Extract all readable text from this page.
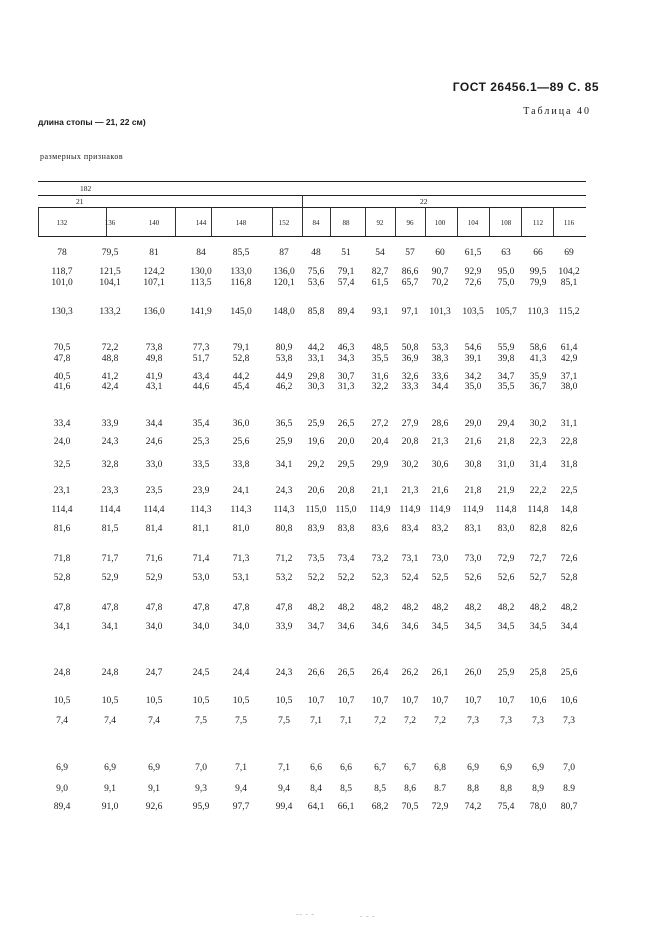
ГОСТ 26456.1—89 С. 85
Таблица 40
длина стопы — 21, 22 см)
размерных признаков
182
21	22
132	136	140	144	148	152	84	88	92	96	100	104	108	112	116
78	79,5	81	84	85,5	87 48 51	54 57 60 61,5 63 66 69
118,7	121,5 124,2	130,0 133,0 136,0 75,6 79,1 82,7 86,6 90,7 92,9 95,0 99,5 104,2
101,0	104,1 107,1	113,5 116,8 120,1 53,6 57,4 61,5 65,7 70,2 72,6 75,0 79,9 85,1
130,3	133,2 136,0	141,9 145,0 148,0 85,8 89,4 93,1 97,1 101,3 103,5 105,7 110,3 115,2
70,5	72,2	73,8	77,3 79,1	80,9 44,2 46,3 48,5 50,8 53,3 54,6 55,9 58,6 61,4
47,8	48,8	49,8	51,7 52,8	53,8 33,1 34,3 35,5 36,9 38,3 39,1 39,8 41,3 42,9
40,5	41,2	41,9	43,4 44,2	44,9 29,8 30,7 31,6 32,6 33,6 34,2 34,7 35,9 37,1
41,6	42,4	43,1	44,6 45,4	46,2 30,3 31,3 32,2 33,3 34,4 35,0 35,5 36,7 38,0
33,4	33,9	34,4	35,4 36,0	36,5 25,9 26,5 27,2 27,9 28,6 29,0 29,4 30,2 31,1
24,0	24,3	24,6	25,3 25,6	25,9 19,6 20,0 20,4 20,8 21,3 21,6 21,8 22,3 22,8
32,5	32,8	33,0	33,5 33,8	34,1 29,2 29,5 29,9 30,2 30,6 30,8 31,0 31,4 31,8
23,1	23,3	23,5	23,9 24,1	24,3 20,6 20,8 21,1 21,3 21,6 21,8 21,9 22,2 22,5
114,4	114,4 114,4	114,3 114,3 114,3 115,0 115,0 114,9 114,9 114,9 114,9 114,8 114,8 14,8
81,6	81,5	81,4	81,1 81,0	80,8 83,9 83,8 83,6 83,4 83,2 83,1 83,0 82,8 82,6
71,8	71,7	71,6	71,4 71,3	71,2 73,5 73,4 73,2 73,1 73,0 73,0 72,9 72,7 72,6
52,8	52,9	52,9	53,0 53,1	53,2 52,2 52,2 52,3 52,4 52,5 52,6 52,6 52,7 52,8
47,8	47,8	47,8	47,8 47,8	47,8 48,2 48,2 48,2 48,2 48,2 48,2 48,2 48,2 48,2
34,1	34,1	34,0	34,0 34,0	33,9 34,7 34,6 34,6 34,6 34,5 34,5 34,5 34,5 34,4
24,8	24,8	24,7	24,5 24,4	24,3 26,6 26,5 26,4 26,2 26,1 26,0 25,9 25,8 25,6
10,5	10,5	10,5	10,5 10,5	10,5 10,7 10,7 10,7 10,7 10,7 10,7 10,7 10,6 10,6
7,4	7,4	7,4	7,5	7,5	7,5 7,1 7,1 7,2 7,2 7,2 7,3 7,3 7,3 7,3
6,9	6,9	6,9	7,0	7,1	7,1 6,6 6,6 6,7 6,7 6,8 6,9 6,9 6,9 7,0
9,0	9,1	9,1	9,3	9,4	9,4 8,4 8,5 8,5 8,6 8.7 8,8 8,8 8,9 8.9
89,4	91,0	92,6	95,9 97,7	99,4 64,1 66,1 68,2 70,5 72,9 74,2 75,4 78,0 80,7
-- - -	- - -
